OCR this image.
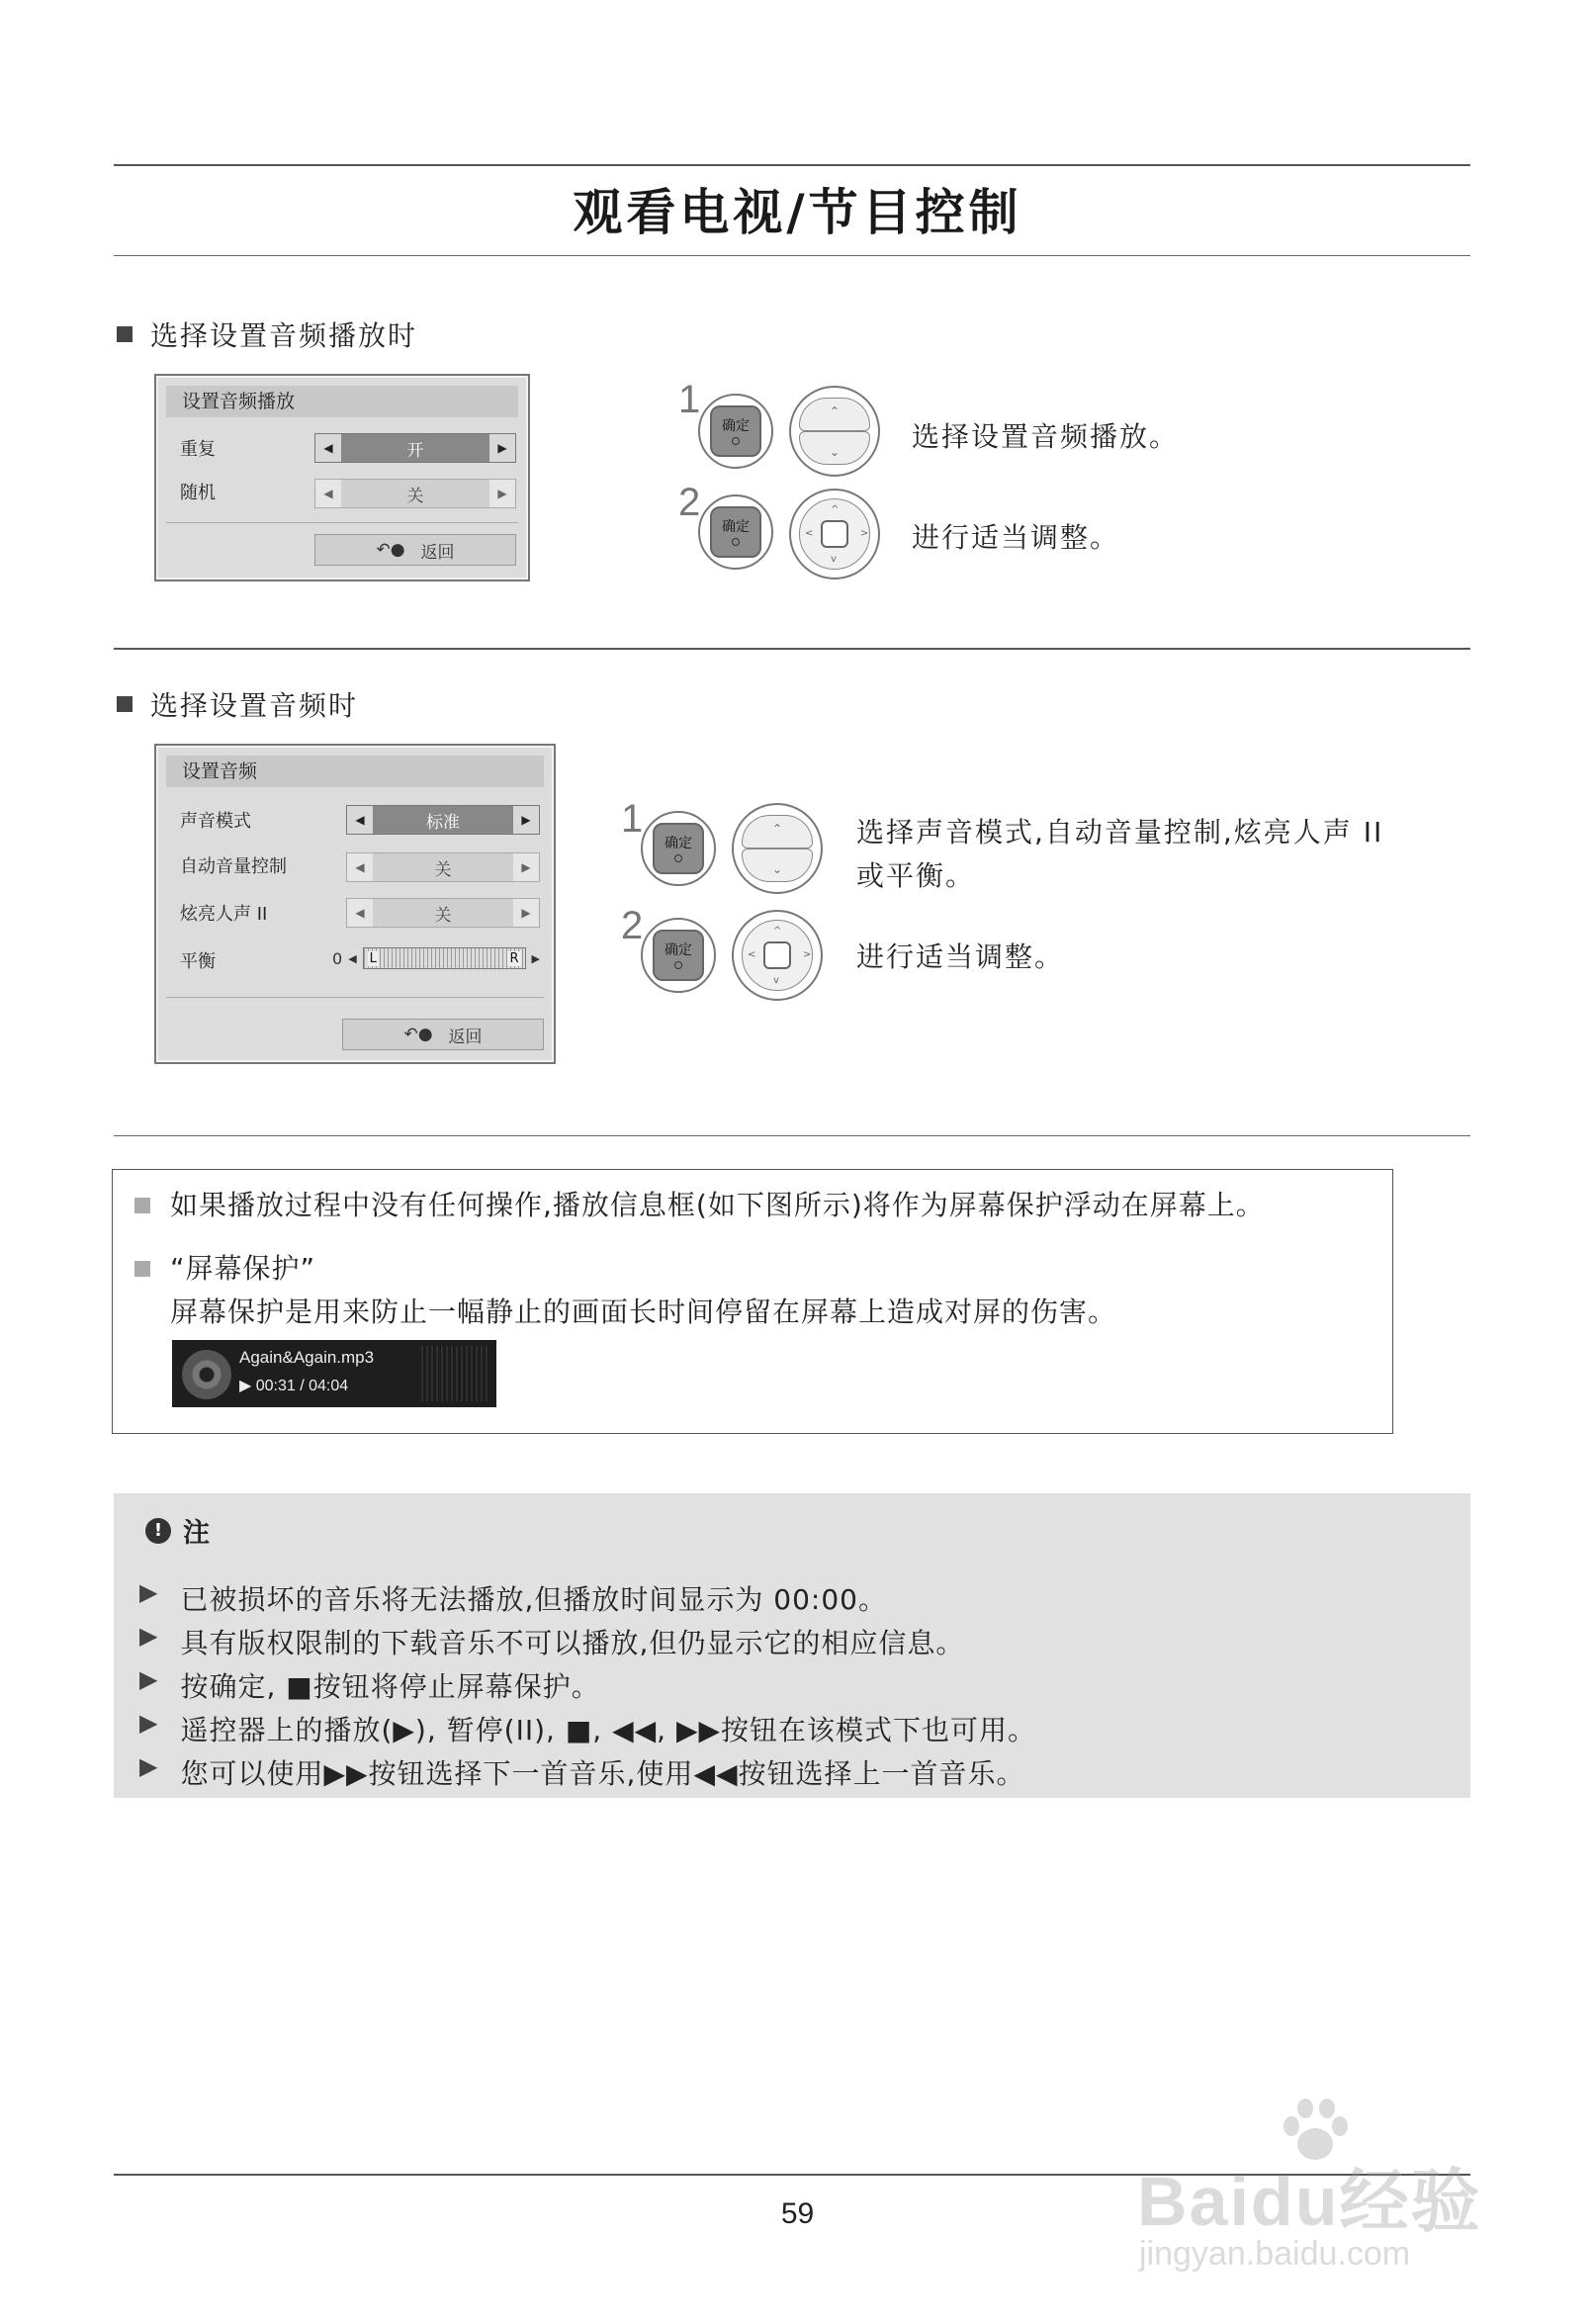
观看电视/节目控制
选择设置音频播放时
设置音频播放
重复	◀	开	▶
随机	◀	关	▶
↶● 返回
1
确定
⌃
⌄	选择设置音频播放。
2
确定
^
v
<	> 进行适当调整。
选择设置音频时
设置音频
声音模式	◀	标准	▶
自动音量控制	◀	关	▶
炫亮人声 II	◀	关	▶
平衡	0 ◀ L	R ▶
↶● 返回
1
确定
⌃
⌄
选择声音模式,自动音量控制,炫亮人声 II
或平衡。
2
确定
^
v
<	> 进行适当调整。
如果播放过程中没有任何操作,播放信息框(如下图所示)将作为屏幕保护浮动在屏幕上。
“屏幕保护”
屏幕保护是用来防止一幅静止的画面长时间停留在屏幕上造成对屏的伤害。
Again&Again.mp3
▶ 00:31 / 04:04
! 注
▶ 已被损坏的音乐将无法播放,但播放时间显示为 00:00。
▶ 具有版权限制的下载音乐不可以播放,但仍显示它的相应信息。
▶ 按确定, ■按钮将停止屏幕保护。
▶ 遥控器上的播放(▶), 暂停(II), ■, ◀◀, ▶▶按钮在该模式下也可用。
▶ 您可以使用▶▶按钮选择下一首音乐,使用◀◀按钮选择上一首音乐。
59	Baidu经验
jingyan.baidu.com
